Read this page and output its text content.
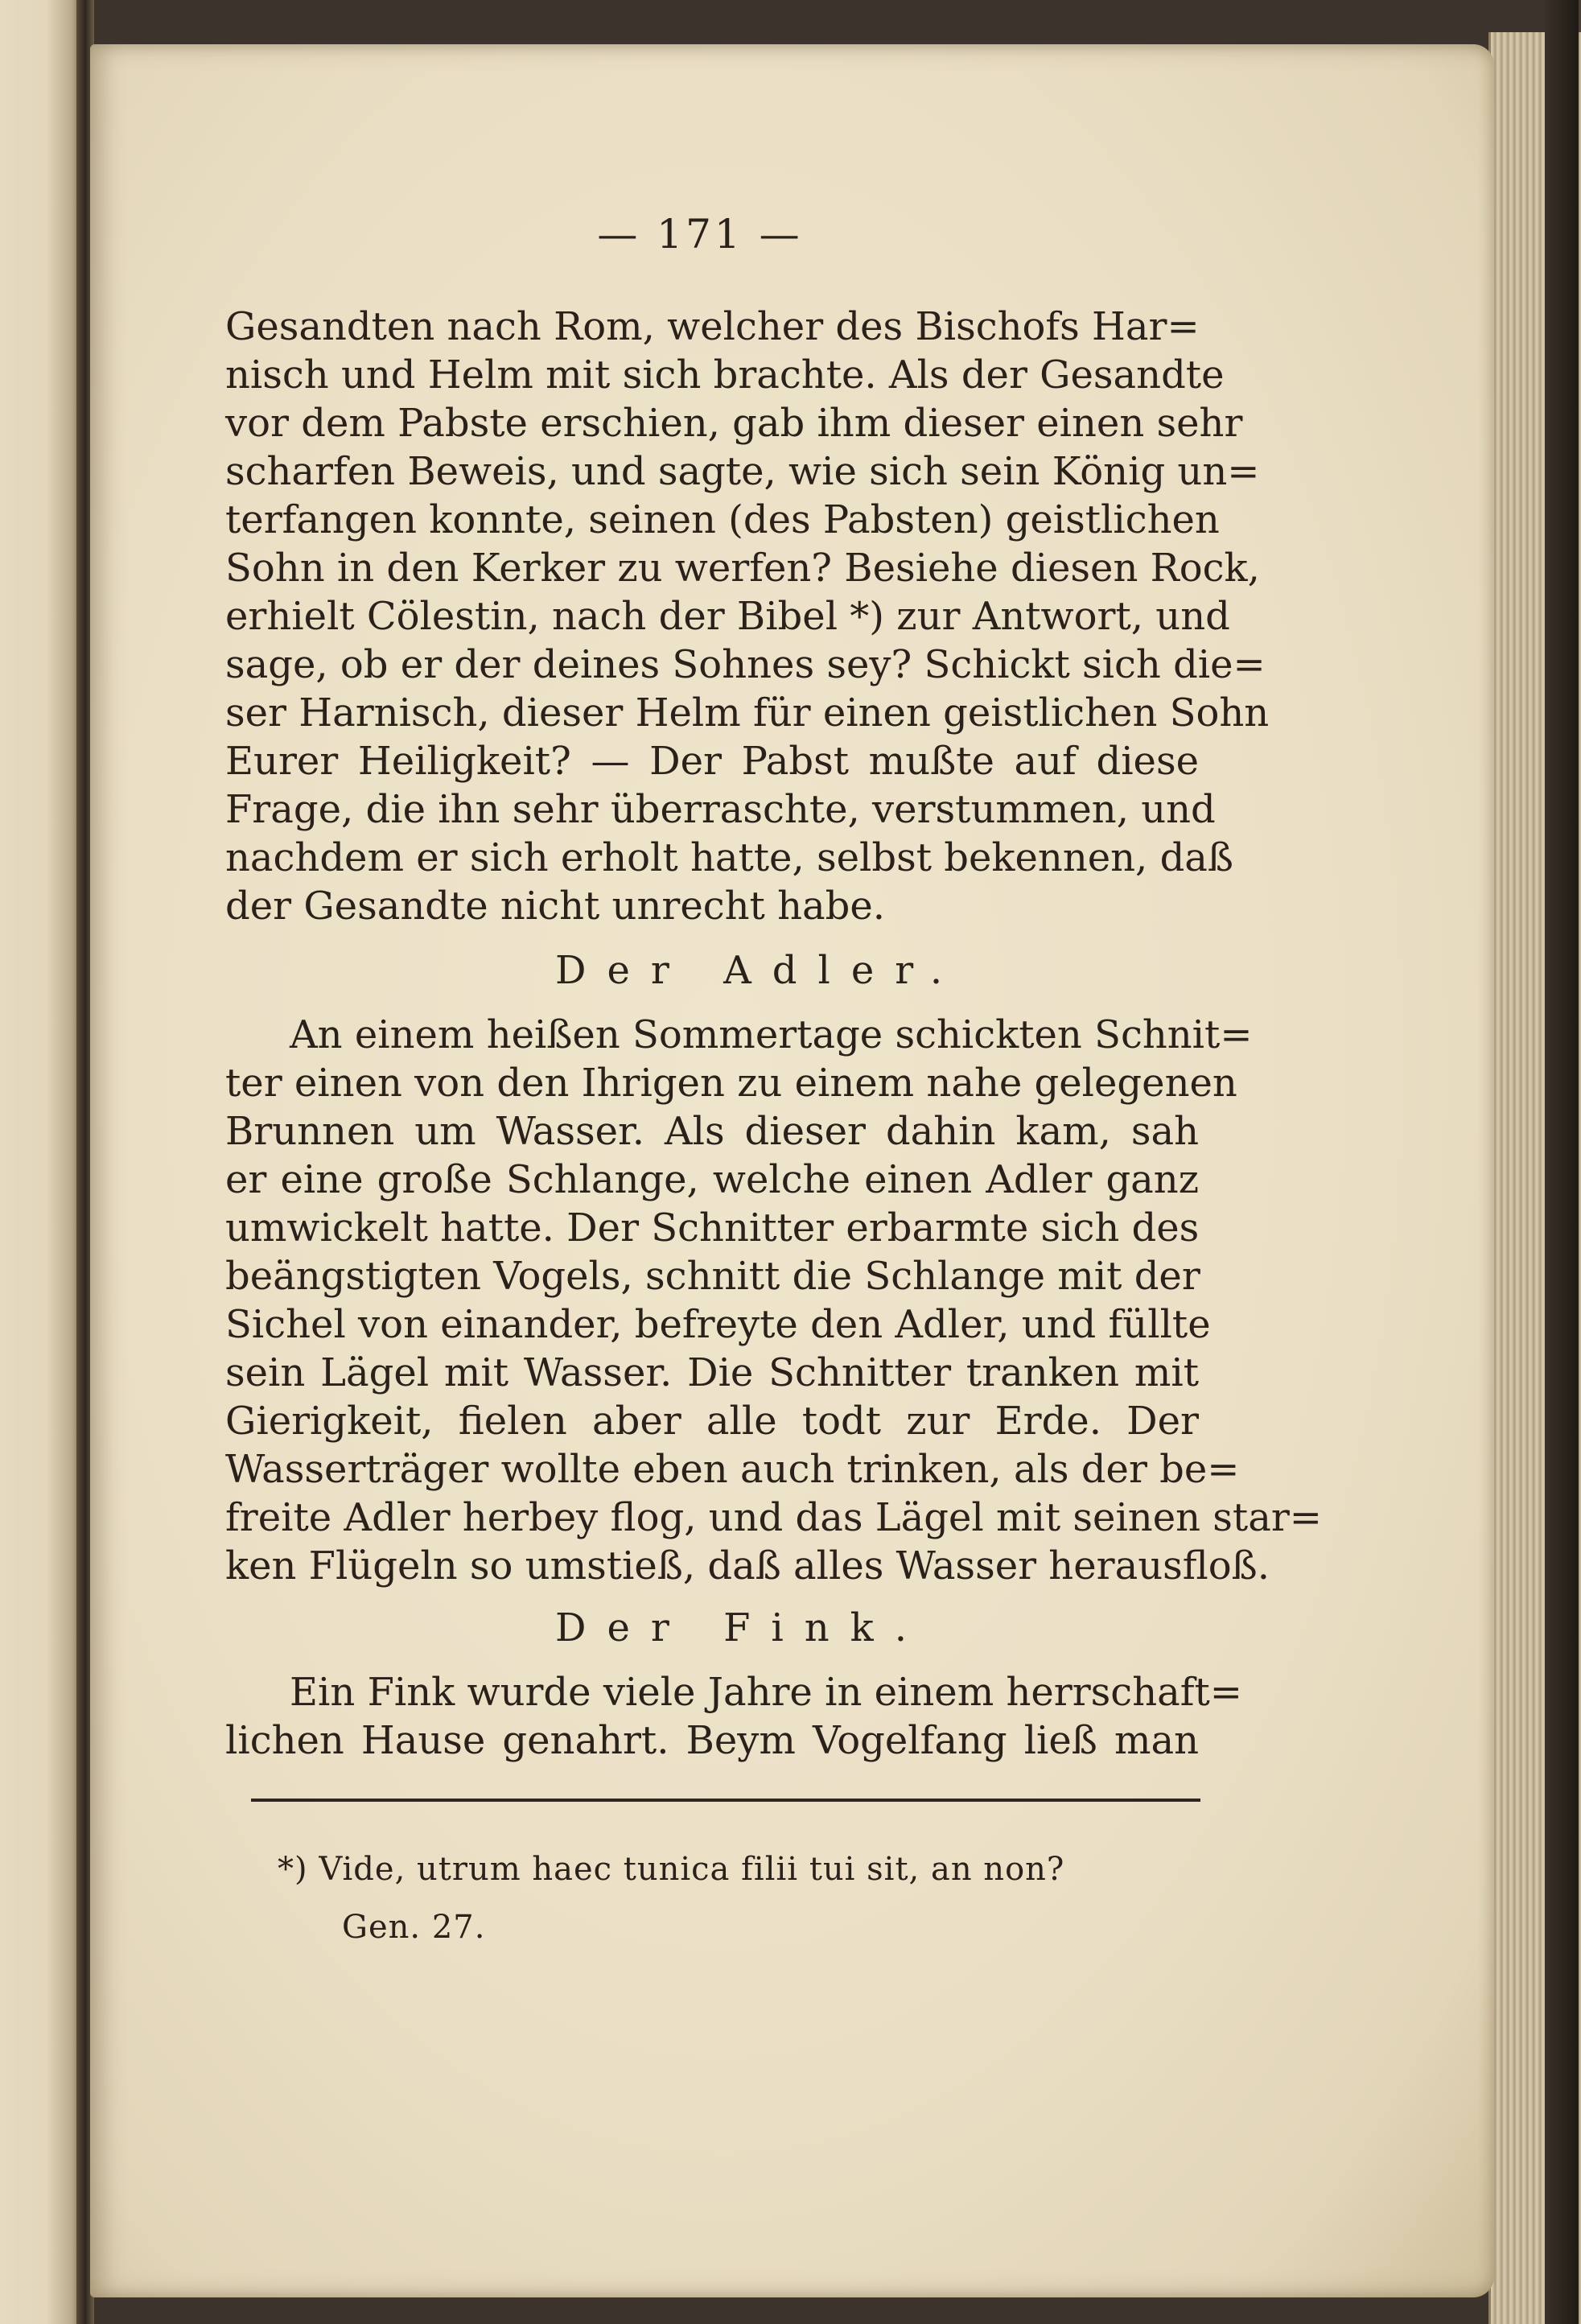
— 171 —
Gesandten nach Rom, welcher des Bischofs Har=
nisch und Helm mit sich brachte. Als der Gesandte
vor dem Pabste erschien, gab ihm dieser einen sehr
scharfen Beweis, und sagte, wie sich sein König un=
terfangen konnte, seinen (des Pabsten) geistlichen
Sohn in den Kerker zu werfen? Besiehe diesen Rock,
erhielt Cölestin, nach der Bibel *) zur Antwort, und
sage, ob er der deines Sohnes sey? Schickt sich die=
ser Harnisch, dieser Helm für einen geistlichen Sohn
Eurer Heiligkeit? — Der Pabst mußte auf diese
Frage, die ihn sehr überraschte, verstummen, und
nachdem er sich erholt hatte, selbst bekennen, daß
der Gesandte nicht unrecht habe.
Der Adler.
An einem heißen Sommertage schickten Schnit=
ter einen von den Ihrigen zu einem nahe gelegenen
Brunnen um Wasser. Als dieser dahin kam, sah
er eine große Schlange, welche einen Adler ganz
umwickelt hatte. Der Schnitter erbarmte sich des
beängstigten Vogels, schnitt die Schlange mit der
Sichel von einander, befreyte den Adler, und füllte
sein Lägel mit Wasser. Die Schnitter tranken mit
Gierigkeit, fielen aber alle todt zur Erde. Der
Wasserträger wollte eben auch trinken, als der be=
freite Adler herbey flog, und das Lägel mit seinen star=
ken Flügeln so umstieß, daß alles Wasser herausfloß.
Der Fink.
Ein Fink wurde viele Jahre in einem herrschaft=
lichen Hause genahrt. Beym Vogelfang ließ man
*) Vide, utrum haec tunica filii tui sit, an non?
Gen. 27.
